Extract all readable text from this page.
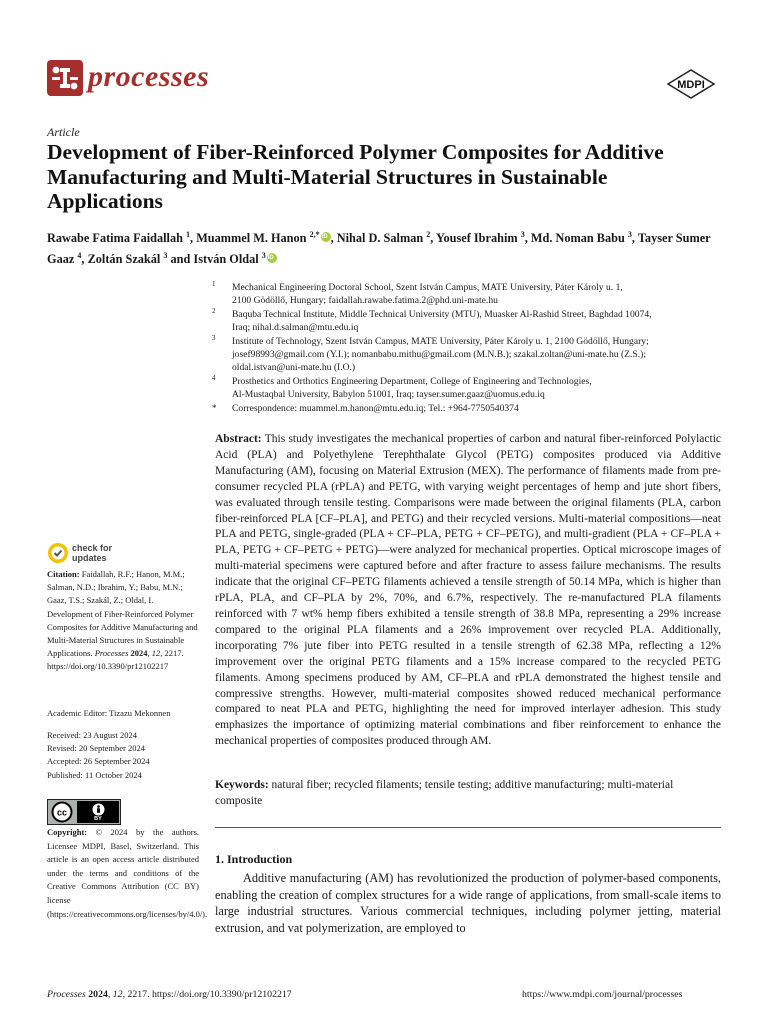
processes	MDPI
Article
Development of Fiber-Reinforced Polymer Composites for Additive Manufacturing and Multi-Material Structures in Sustainable Applications
Rawabe Fatima Faidallah $^1$, Muammel M. Hanon $^{2,*}$iD , Nihal D. Salman $^2$, Yousef Ibrahim $^3$, Md. Noman Babu $^3$, Tayser Sumer Gaaz $^4$, Zoltán Szakál $^3$ and István Oldal $^3$iD
1 Mechanical Engineering Doctoral School, Szent István Campus, MATE University, Páter Károly u. 1,
2100 Gödöllő, Hungary; faidallah.rawabe.fatima.2@phd.uni-mate.hu
2 Baquba Technical Institute, Middle Technical University (MTU), Muasker Al-Rashid Street, Baghdad 10074,
Iraq; nihal.d.salman@mtu.edu.iq
3 Institute of Technology, Szent István Campus, MATE University, Páter Károly u. 1, 2100 Gödöllő, Hungary;
josef98993@gmail.com (Y.I.); nomanbabu.mithu@gmail.com (M.N.B.); szakal.zoltan@uni-mate.hu (Z.S.);
oldal.istvan@uni-mate.hu (I.O.)
4 Prosthetics and Orthotics Engineering Department, College of Engineering and Technologies,
Al-Mustaqbal University, Babylon 51001, Iraq; tayser.sumer.gaaz@uomus.edu.iq
* Correspondence: muammel.m.hanon@mtu.edu.iq; Tel.: +964-7750540374
Abstract: This study investigates the mechanical properties of carbon and natural fiber-reinforced Polylactic Acid (PLA) and Polyethylene Terephthalate Glycol (PETG) composites produced via Additive Manufacturing (AM), focusing on Material Extrusion (MEX). The performance of filaments made from pre-consumer recycled PLA (rPLA) and PETG, with varying weight percentages of hemp and jute short fibers, was evaluated through tensile testing. Comparisons were made between the original filaments (PLA, carbon fiber-reinforced PLA [CF–PLA], and PETG) and their recycled versions. Multi-material compositions—neat PLA and PETG, single-graded (PLA + CF–PLA, PETG + CF–PETG), and multi-gradient (PLA + CF–PLA + PLA, PETG + CF–PETG + PETG)—were analyzed for mechanical properties. Optical microscope images of multi-material specimens were captured before and after fracture to assess failure mechanisms. The results indicate that the original CF–PETG filaments achieved a tensile strength of 50.14 MPa, which is higher than rPLA, PLA, and CF–PLA by 2%, 70%, and 6.7%, respectively. The re-manufactured PLA filaments reinforced with 7 wt% hemp fibers exhibited a tensile strength of 38.8 MPa, representing a 29% increase compared to the original PLA filaments and a 26% improvement over recycled PLA. Additionally, incorporating 7% jute fiber into PETG resulted in a tensile strength of 62.38 MPa, reflecting a 12% improvement over the original PETG filaments and a 15% increase compared to the recycled PETG filaments. Among specimens produced by AM, CF–PLA and rPLA demonstrated the highest tensile and compressive strengths. However, multi-material composites showed reduced mechanical performance compared to neat PLA and PETG, highlighting the need for improved interlayer adhesion. This study emphasizes the importance of optimizing material combinations and fiber reinforcement to enhance the mechanical properties of composites produced through AM.
Keywords: natural fiber; recycled filaments; tensile testing; additive manufacturing; multi-material composite
1. Introduction
Additive manufacturing (AM) has revolutionized the production of polymer-based components, enabling the creation of complex structures for a wide range of applications, from small-scale items to large industrial structures. Various commercial techniques, including polymer jetting, material extrusion, and vat polymerization, are employed to
check for
updates
Citation: Faidallah, R.F.; Hanon, M.M.; Salman, N.D.; Ibrahim, Y.; Babu, M.N.; Gaaz, T.S.; Szakál, Z.; Oldal, I. Development of Fiber-Reinforced Polymer Composites for Additive Manufacturing and Multi-Material Structures in Sustainable Applications. Processes 2024, 12, 2217. https://doi.org/10.3390/pr12102217
Academic Editor: Tizazu Mekonnen
Received: 23 August 2024
Revised: 20 September 2024
Accepted: 26 September 2024
Published: 11 October 2024
cc
BY
Copyright: © 2024 by the authors. Licensee MDPI, Basel, Switzerland. This article is an open access article distributed under the terms and conditions of the Creative Commons Attribution (CC BY) license (https://creativecommons.org/licenses/by/4.0/).
Processes 2024, 12, 2217. https://doi.org/10.3390/pr12102217	https://www.mdpi.com/journal/processes
